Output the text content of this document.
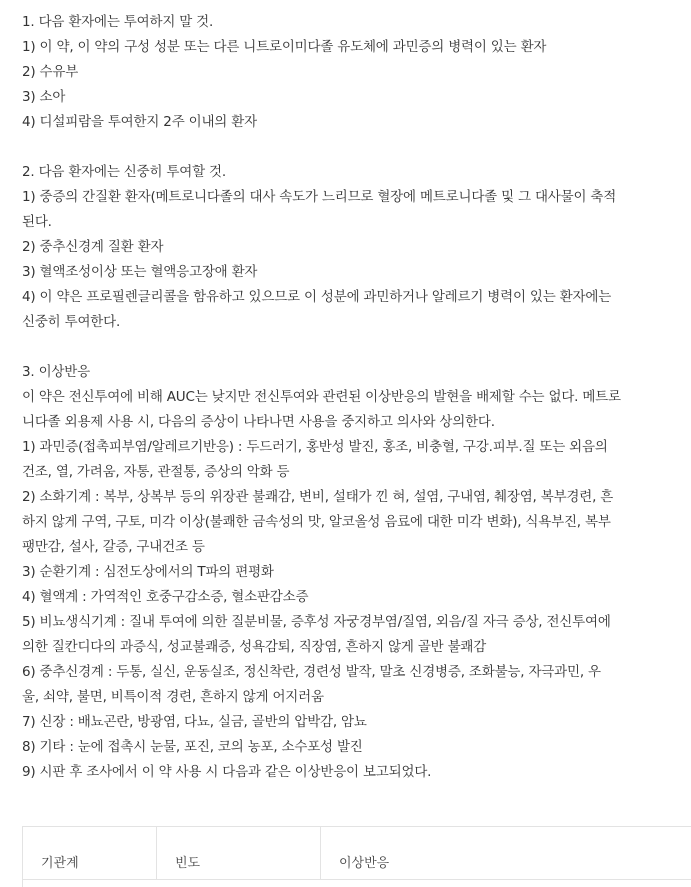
1. 다음 환자에는 투여하지 말 것.
1) 이 약, 이 약의 구성 성분 또는 다른 니트로이미다졸 유도체에 과민증의 병력이 있는 환자
2) 수유부
3) 소아
4) 디설피람을 투여한지 2주 이내의 환자
2. 다음 환자에는 신중히 투여할 것.
1) 중증의 간질환 환자(메트로니다졸의 대사 속도가 느리므로 혈장에 메트로니다졸 및 그 대사물이 축적
된다.
2) 중추신경계 질환 환자
3) 혈액조성이상 또는 혈액응고장애 환자
4) 이 약은 프로필렌글리콜을 함유하고 있으므로 이 성분에 과민하거나 알레르기 병력이 있는 환자에는
신중히 투여한다.
3. 이상반응
이 약은 전신투여에 비해 AUC는 낮지만 전신투여와 관련된 이상반응의 발현을 배제할 수는 없다. 메트로
니다졸 외용제 사용 시, 다음의 증상이 나타나면 사용을 중지하고 의사와 상의한다.
1) 과민증(접촉피부염/알레르기반응) : 두드러기, 홍반성 발진, 홍조, 비충혈, 구강.피부.질 또는 외음의
건조, 열, 가려움, 자통, 관절통, 증상의 악화 등
2) 소화기계 : 복부, 상복부 등의 위장관 불쾌감, 변비, 설태가 낀 혀, 설염, 구내염, 췌장염, 복부경련, 흔
하지 않게 구역, 구토, 미각 이상(불쾌한 금속성의 맛, 알코올성 음료에 대한 미각 변화), 식욕부진, 복부
팽만감, 설사, 갈증, 구내건조 등
3) 순환기계 : 심전도상에서의 T파의 편평화
4) 혈액계 : 가역적인 호중구감소증, 혈소판감소증
5) 비뇨생식기계 : 질내 투여에 의한 질분비물, 증후성 자궁경부염/질염, 외음/질 자극 증상, 전신투여에
의한 질칸디다의 과증식, 성교불쾌증, 성욕감퇴, 직장염, 흔하지 않게 골반 불쾌감
6) 중추신경계 : 두통, 실신, 운동실조, 정신착란, 경련성 발작, 말초 신경병증, 조화불능, 자극과민, 우
울, 쇠약, 불면, 비특이적 경련, 흔하지 않게 어지러움
7) 신장 : 배뇨곤란, 방광염, 다뇨, 실금, 골반의 압박감, 암뇨
8) 기타 : 눈에 접촉시 눈물, 포진, 코의 농포, 소수포성 발진
9) 시판 후 조사에서 이 약 사용 시 다음과 같은 이상반응이 보고되었다.
기관계	빈도	이상반응
